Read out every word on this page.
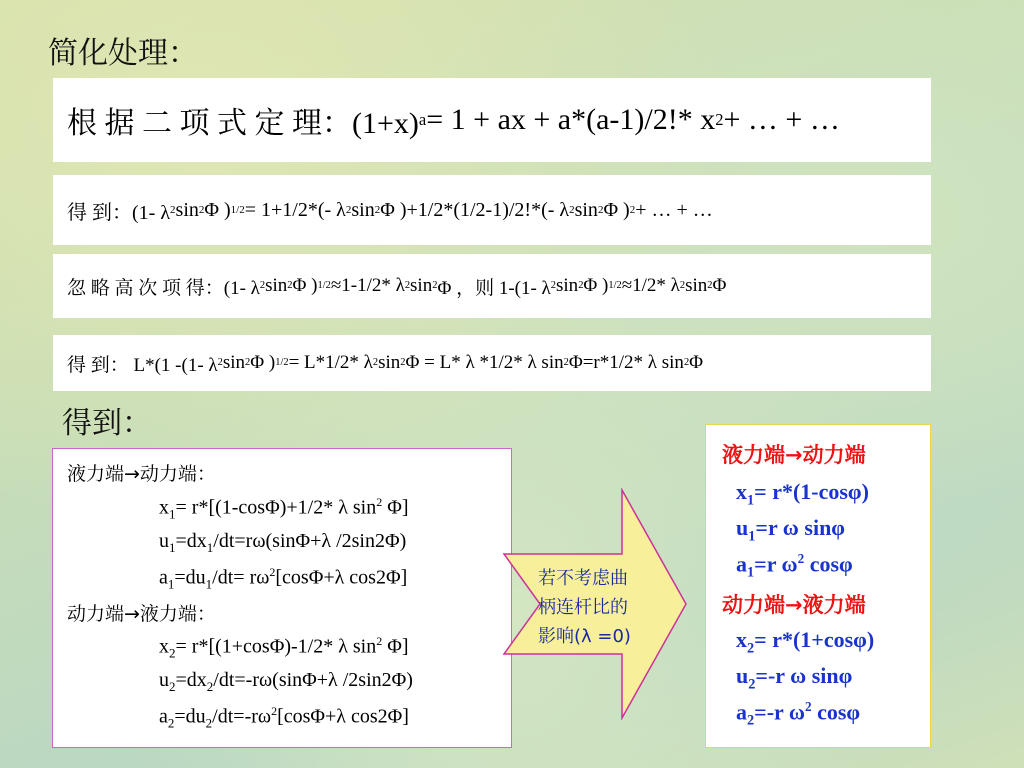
简化处理：
根 据 二 项 式 定 理：(1+x) a = 1 + ax + a*(a-1)/2!* x 2 + … + …
得 到：(1- λ 2 sin 2 Φ ) 1/2 = 1+1/2*(- λ 2 sin 2 Φ )+1/2*(1/2-1)/2!*(- λ 2 sin 2 Φ ) 2 + … + …
忽 略 高 次 项 得：(1- λ 2 sin 2 Φ ) 1/2 ≈1-1/2* λ 2 sin 2 Φ ，则 1-(1- λ 2 sin 2 Φ ) 1/2 ≈1/2* λ 2 sin 2 Φ
得 到： L*(1 -(1- λ 2 sin 2 Φ ) 1/2 = L*1/2* λ 2 sin 2 Φ = L* λ *1/2* λ sin 2 Φ=r*1/2* λ sin 2 Φ
得到：
液力端→动力端：
$x_1= r*[(1-\cos\Phi)+1/2*$ λ $\sin^2 \Phi$]
$u_1=dx_1/dt=r\omega(\sin\Phi+\lambda$ /2sin2Φ)
$a_1=du_1/dt= r\omega^2[\cos\Phi+\lambda$ cos2Φ]
动力端→液力端：
$x_2= r*[(1+\cos\Phi)-1/2*$ λ $\sin^2 \Phi$]
$u_2=dx_2/dt=-r\omega(\sin\Phi+\lambda$ /2sin2Φ)
$a_2=du_2/dt=-r\omega^2[\cos\Phi+\lambda$ cos2Φ]
若不考虑曲
柄连杆比的
影响(λ =0)
液力端→动力端
$x_1= r*(1-\cos\varphi)$
$u_1=r$ ω sinφ
$a_1=r$ $\omega^2$ cosφ
动力端→液力端
$x_2= r*(1+\cos\varphi)$
$u_2=-r$ ω sinφ
$a_2=-r$ $\omega^2$ cosφ
